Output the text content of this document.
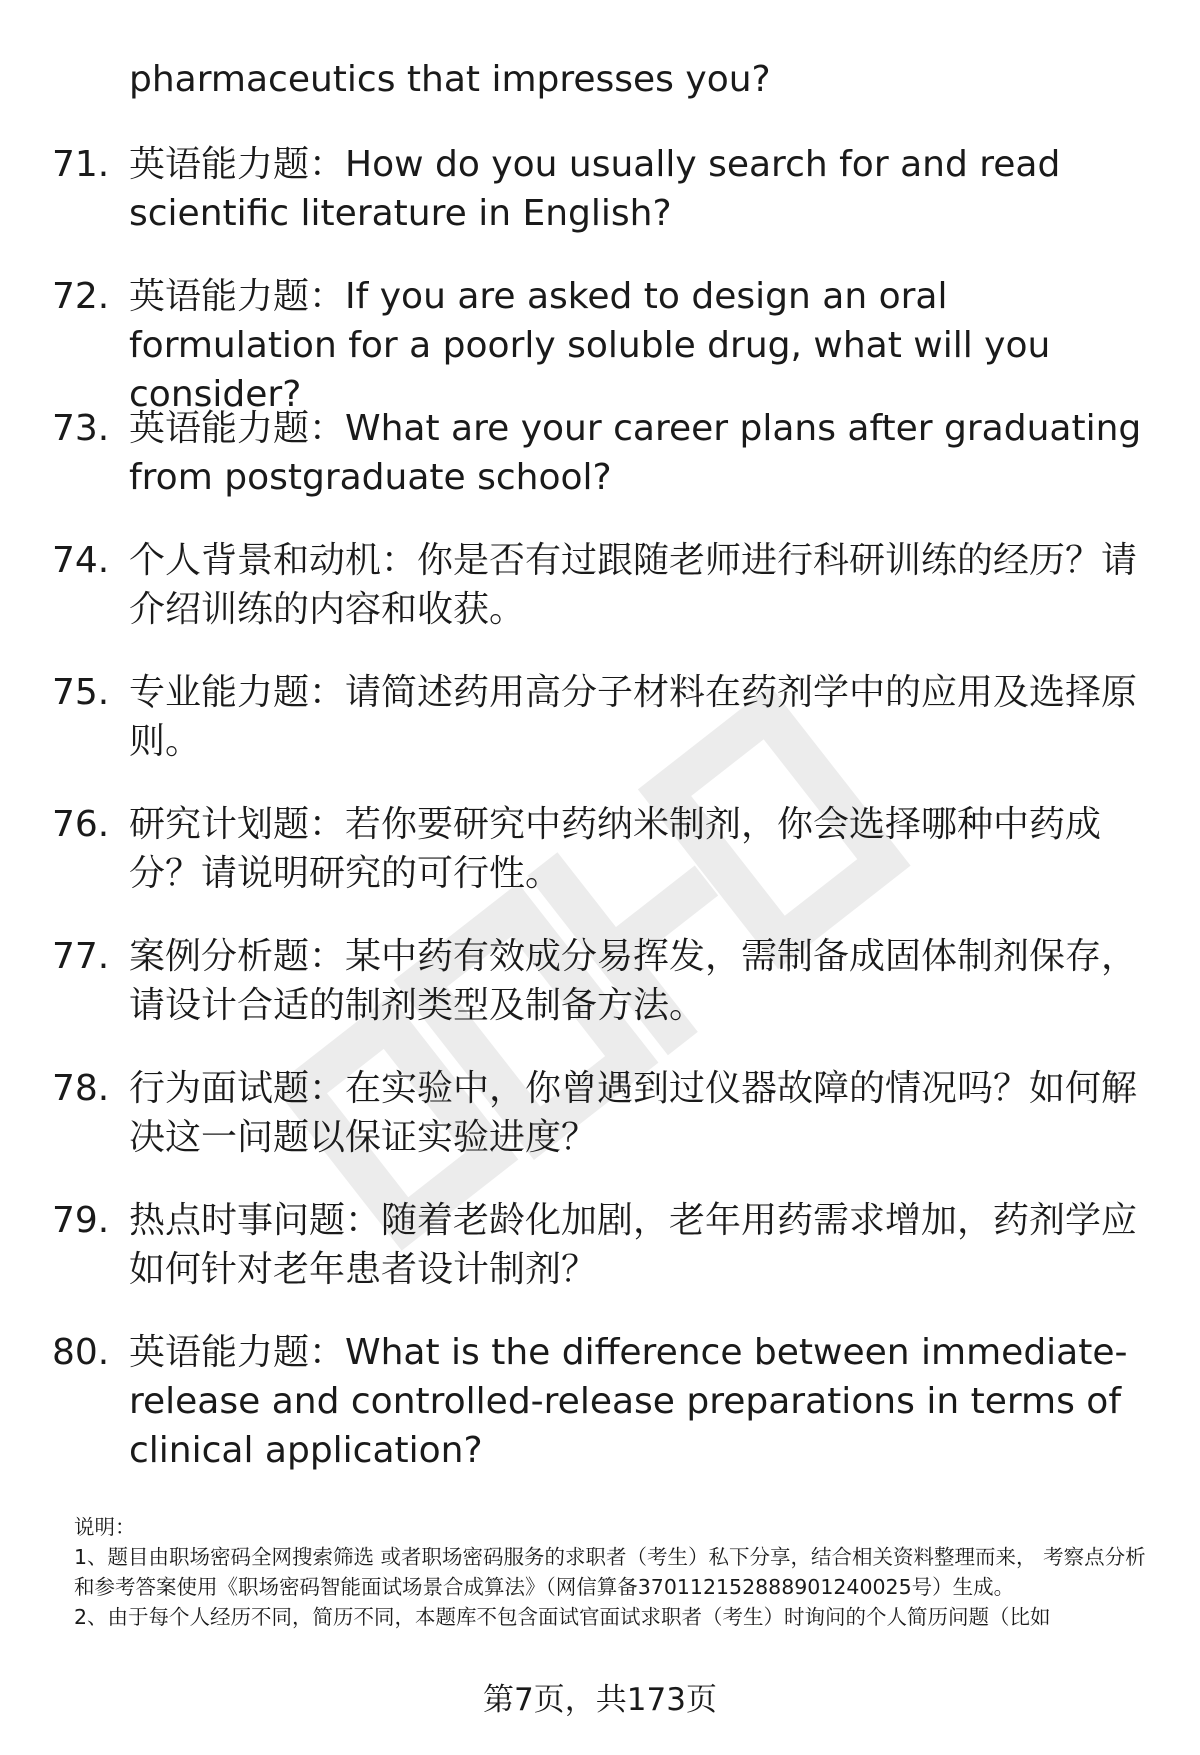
pharmaceutics that impresses you?
71. 英语能力题：How do you usually search for and read scientific literature in English?
72. 英语能力题：If you are asked to design an oral formulation for a poorly soluble drug, what will you consider?
73. 英语能力题：What are your career plans after graduating from postgraduate school?
74. 个人背景和动机：你是否有过跟随老师进行科研训练的经历？请介绍训练的内容和收获。
75. 专业能力题：请简述药用高分子材料在药剂学中的应用及选择原则。
76. 研究计划题：若你要研究中药纳米制剂，你会选择哪种中药成分？请说明研究的可行性。
77. 案例分析题：某中药有效成分易挥发，需制备成固体制剂保存，请设计合适的制剂类型及制备方法。
78. 行为面试题：在实验中，你曾遇到过仪器故障的情况吗？如何解决这一问题以保证实验进度？
79. 热点时事问题：随着老龄化加剧，老年用药需求增加，药剂学应如何针对老年患者设计制剂？
80. 英语能力题：What is the difference between immediate-release and controlled-release preparations in terms of clinical application?

说明：

1、题目由职场密码全网搜索筛选 或者职场密码服务的求职者（考生）私下分享，结合相关资料整理而来， 考察点分析和参考答案使用《职场密码智能面试场景合成算法》（网信算备370112152888901240025号）生成。

2、由于每个人经历不同，简历不同，本题库不包含面试官面试求职者（考生）时询问的个人简历问题（比如

第7页，共173页
